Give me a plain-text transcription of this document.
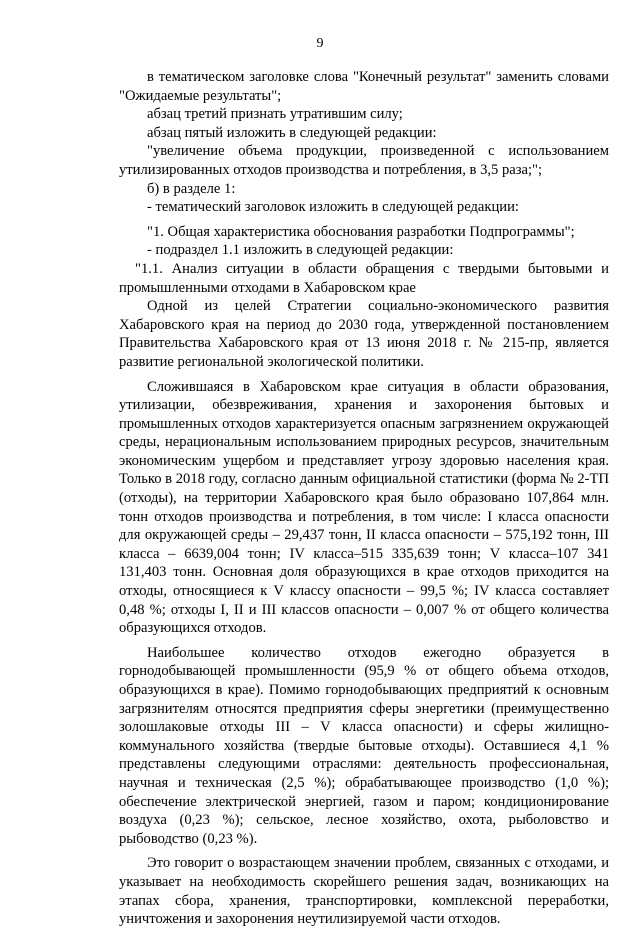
9

в тематическом заголовке слова "Конечный результат" заменить словами "Ожидаемые результаты";

абзац третий признать утратившим силу;

абзац пятый изложить в следующей редакции:

"увеличение объема продукции, произведенной с использованием утилизированных отходов производства и потребления, в 3,5 раза;";

б) в разделе 1:

- тематический заголовок изложить в следующей редакции:

"1. Общая характеристика обоснования разработки Подпрограммы";

- подраздел 1.1 изложить в следующей редакции:

"1.1. Анализ ситуации в области обращения с твердыми бытовыми и промышленными отходами в Хабаровском крае

Одной из целей Стратегии социально-экономического развития Хабаровского края на период до 2030 года, утвержденной постановлением Правительства Хабаровского края от 13 июня 2018 г. № 215-пр, является развитие региональной экологической политики.

Сложившаяся в Хабаровском крае ситуация в области образования, утилизации, обезвреживания, хранения и захоронения бытовых и промышленных отходов характеризуется опасным загрязнением окружающей среды, нерациональным использованием природных ресурсов, значительным экономическим ущербом и представляет угрозу здоровью населения края. Только в 2018 году, согласно данным официальной статистики (форма № 2-ТП (отходы), на территории Хабаровского края было образовано 107,864 млн. тонн отходов производства и потребления, в том числе: I класса опасности для окружающей среды – 29,437 тонн, II класса опасности – 575,192 тонн, III класса – 6639,004 тонн; IV класса–515 335,639 тонн; V класса–107 341 131,403 тонн. Основная доля образующихся в крае отходов приходится на отходы, относящиеся к V классу опасности – 99,5 %; IV класса составляет 0,48 %; отходы I, II и III классов опасности – 0,007 % от общего количества образующихся отходов.

Наибольшее количество отходов ежегодно образуется в горнодобывающей промышленности (95,9 % от общего объема отходов, образующихся в крае). Помимо горнодобывающих предприятий к основным загрязнителям относятся предприятия сферы энергетики (преимущественно золошлаковые отходы III – V класса опасности) и сферы жилищно-коммунального хозяйства (твердые бытовые отходы). Оставшиеся 4,1 % представлены следующими отраслями: деятельность профессиональная, научная и техническая (2,5 %); обрабатывающее производство (1,0 %); обеспечение электрической энергией, газом и паром; кондиционирование воздуха (0,23 %); сельское, лесное хозяйство, охота, рыболовство и рыбоводство (0,23 %).

Это говорит о возрастающем значении проблем, связанных с отходами, и указывает на необходимость скорейшего решения задач, возникающих на этапах сбора, хранения, транспортировки, комплексной переработки, уничтожения и захоронения неутилизируемой части отходов.
